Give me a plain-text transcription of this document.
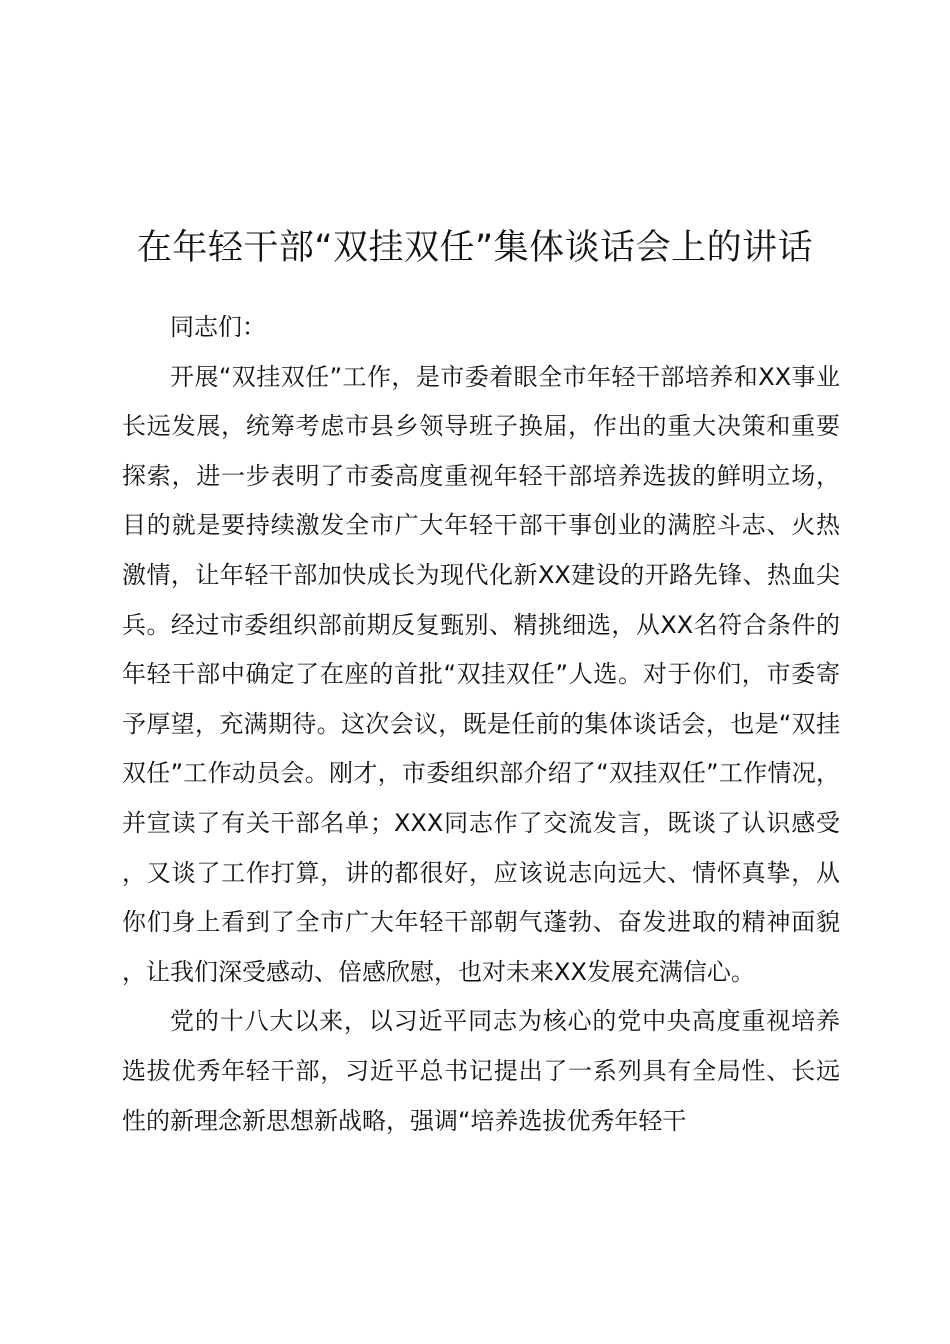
在年轻干部“双挂双任”集体谈话会上的讲话

同志们：

开展“双挂双任”工作，是市委着眼全市年轻干部培养和XX事业长远发展，统筹考虑市县乡领导班子换届，作出的重大决策和重要探索，进一步表明了市委高度重视年轻干部培养选拔的鲜明立场，目的就是要持续激发全市广大年轻干部干事创业的满腔斗志、火热激情，让年轻干部加快成长为现代化新XX建设的开路先锋、热血尖兵。经过市委组织部前期反复甄别、精挑细选，从XX名符合条件的年轻干部中确定了在座的首批“双挂双任”人选。对于你们，市委寄予厚望，充满期待。这次会议，既是任前的集体谈话会，也是“双挂双任”工作动员会。刚才，市委组织部介绍了“双挂双任”工作情况，并宣读了有关干部名单；XXX同志作了交流发言，既谈了认识感受，又谈了工作打算，讲的都很好，应该说志向远大、情怀真挚，从你们身上看到了全市广大年轻干部朝气蓬勃、奋发进取的精神面貌，让我们深受感动、倍感欣慰，也对未来XX发展充满信心。

党的十八大以来，以习近平同志为核心的党中央高度重视培养选拔优秀年轻干部，习近平总书记提出了一系列具有全局性、长远性的新理念新思想新战略，强调“培养选拔优秀年轻干
